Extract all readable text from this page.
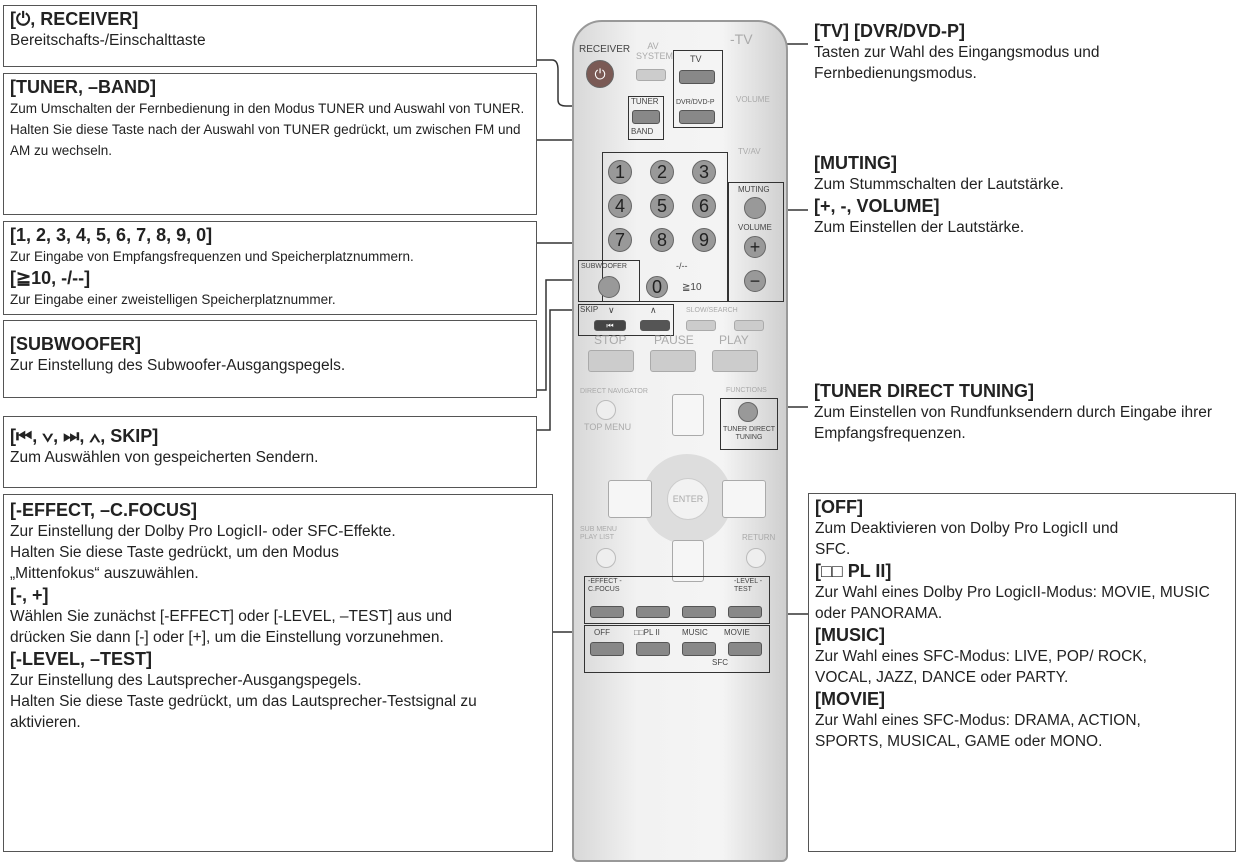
[⏻, RECEIVER]

Bereitschafts-/Einschalttaste

[TUNER, –BAND]

Zum Umschalten der Fernbedienung in den Modus TUNER und Auswahl von TUNER.

Halten Sie diese Taste nach der Auswahl von TUNER gedrückt, um zwischen FM und AM zu wechseln.

[1, 2, 3, 4, 5, 6, 7, 8, 9, 0]

Zur Eingabe von Empfangsfrequenzen und Speicherplatznummern.

[≧10, -/--]

Zur Eingabe einer zweistelligen Speicherplatznummer.

[SUBWOOFER]

Zur Einstellung des Subwoofer-Ausgangspegels.

[⏮, ∨, ⏭, ∧, SKIP]

Zum Auswählen von gespeicherten Sendern.

[-EFFECT, –C.FOCUS]

Zur Einstellung der Dolby Pro LogicII- oder SFC-Effekte.

Halten Sie diese Taste gedrückt, um den Modus „Mittenfokus“ auszuwählen.

[-, +]

Wählen Sie zunächst [-EFFECT] oder [-LEVEL, –TEST] aus und drücken Sie dann [-] oder [+], um die Einstellung vorzunehmen.

[-LEVEL, –TEST]

Zur Einstellung des Lautsprecher-Ausgangspegels.

Halten Sie diese Taste gedrückt, um das Lautsprecher-Testsignal zu aktivieren.

[TV] [DVR/DVD-P]

Tasten zur Wahl des Eingangsmodus und Fernbedienungsmodus.

[MUTING]

Zum Stummschalten der Lautstärke.

[+, -, VOLUME]

Zum Einstellen der Lautstärke.

[TUNER DIRECT TUNING]

Zum Einstellen von Rundfunksendern durch Eingabe ihrer Empfangsfrequenzen.

[OFF]

Zum Deaktivieren von Dolby Pro LogicII und SFC.

[□□ PL II]

Zur Wahl eines Dolby Pro LogicII-Modus: MOVIE, MUSIC oder PANORAMA.

[MUSIC]

Zur Wahl eines SFC-Modus: LIVE, POP/ ROCK, VOCAL, JAZZ, DANCE oder PARTY.

[MOVIE]

Zur Wahl eines SFC-Modus: DRAMA, ACTION, SPORTS, MUSICAL, GAME oder MONO.

RECEIVER
⏻
AV SYSTEM
-TV
TV
DVR/DVD-P
TUNER
BAND
VOLUME
TV/AV
1 2 3
4 5 6
7 8 9
0
-/--
≧10
MUTING
VOLUME
+
−
SUBWOOFER
SKIP ∨	∧
⏮
SLOW/SEARCH
STOP PAUSE PLAY
DIRECT NAVIGATOR
TOP MENU
ENTER
FUNCTIONS
TUNER DIRECT TUNING
SUB MENU PLAY LIST	RETURN
-EFFECT -C.FOCUS
-LEVEL -TEST
OFF	□□PL II	MUSIC MOVIE
SFC
